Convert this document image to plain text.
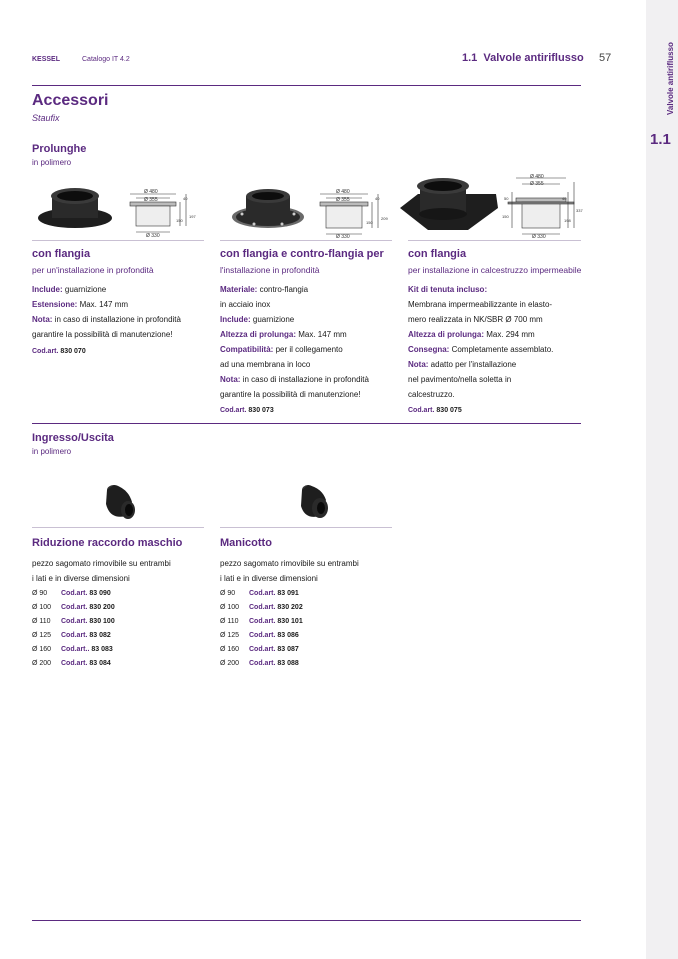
KESSEL	Catalogo IT 4.2	1.1  Valvole antiriflusso 57	Valvole antiriflusso
1.1
Accessori
Staufix
Prolunghe
in polimero
Ø 480
Ø 355
Ø 330
40
150
197
Ø 480
Ø 355
Ø 330
40
150
209
Ø 480
Ø 355
Ø 330
50
150
40
198
337
con flangia
per un'installazione in profondità
Include: guarnizione
Estensione: Max. 147 mm
Nota: in caso di installazione in profondità
garantire la possibilità di manutenzione!
Cod.art. 830 070
con flangia e contro-flangia per
l'installazione in profondità
Materiale: contro-flangia
in acciaio inox
Include: guarnizione
Altezza di prolunga: Max. 147 mm
Compatibilità: per il collegamento
ad una membrana in loco
Nota: in caso di installazione in profondità
garantire la possibilità di manutenzione!
Cod.art. 830 073
con flangia
per installazione in calcestruzzo impermeabile
Kit di tenuta incluso:
Membrana impermeabilizzante in elasto-
mero realizzata in NK/SBR Ø 700 mm
Altezza di prolunga: Max. 294 mm
Consegna: Completamente assemblato.
Nota: adatto per l'installazione
nel pavimento/nella soletta in
calcestruzzo.
Cod.art. 830 075
Ingresso/Uscita
in polimero
Riduzione raccordo maschio
pezzo sagomato rimovibile su entrambi
i lati e in diverse dimensioni
Ø 90 Cod.art. 83 090
Ø 100 Cod.art. 830 200
Ø 110 Cod.art. 830 100
Ø 125 Cod.art. 83 082
Ø 160 Cod.art.. 83 083
Ø 200 Cod.art. 83 084
Manicotto
pezzo sagomato rimovibile su entrambi
i lati e in diverse dimensioni
Ø 90 Cod.art. 83 091
Ø 100 Cod.art. 830 202
Ø 110 Cod.art. 830 101
Ø 125 Cod.art. 83 086
Ø 160 Cod.art. 83 087
Ø 200 Cod.art. 83 088
